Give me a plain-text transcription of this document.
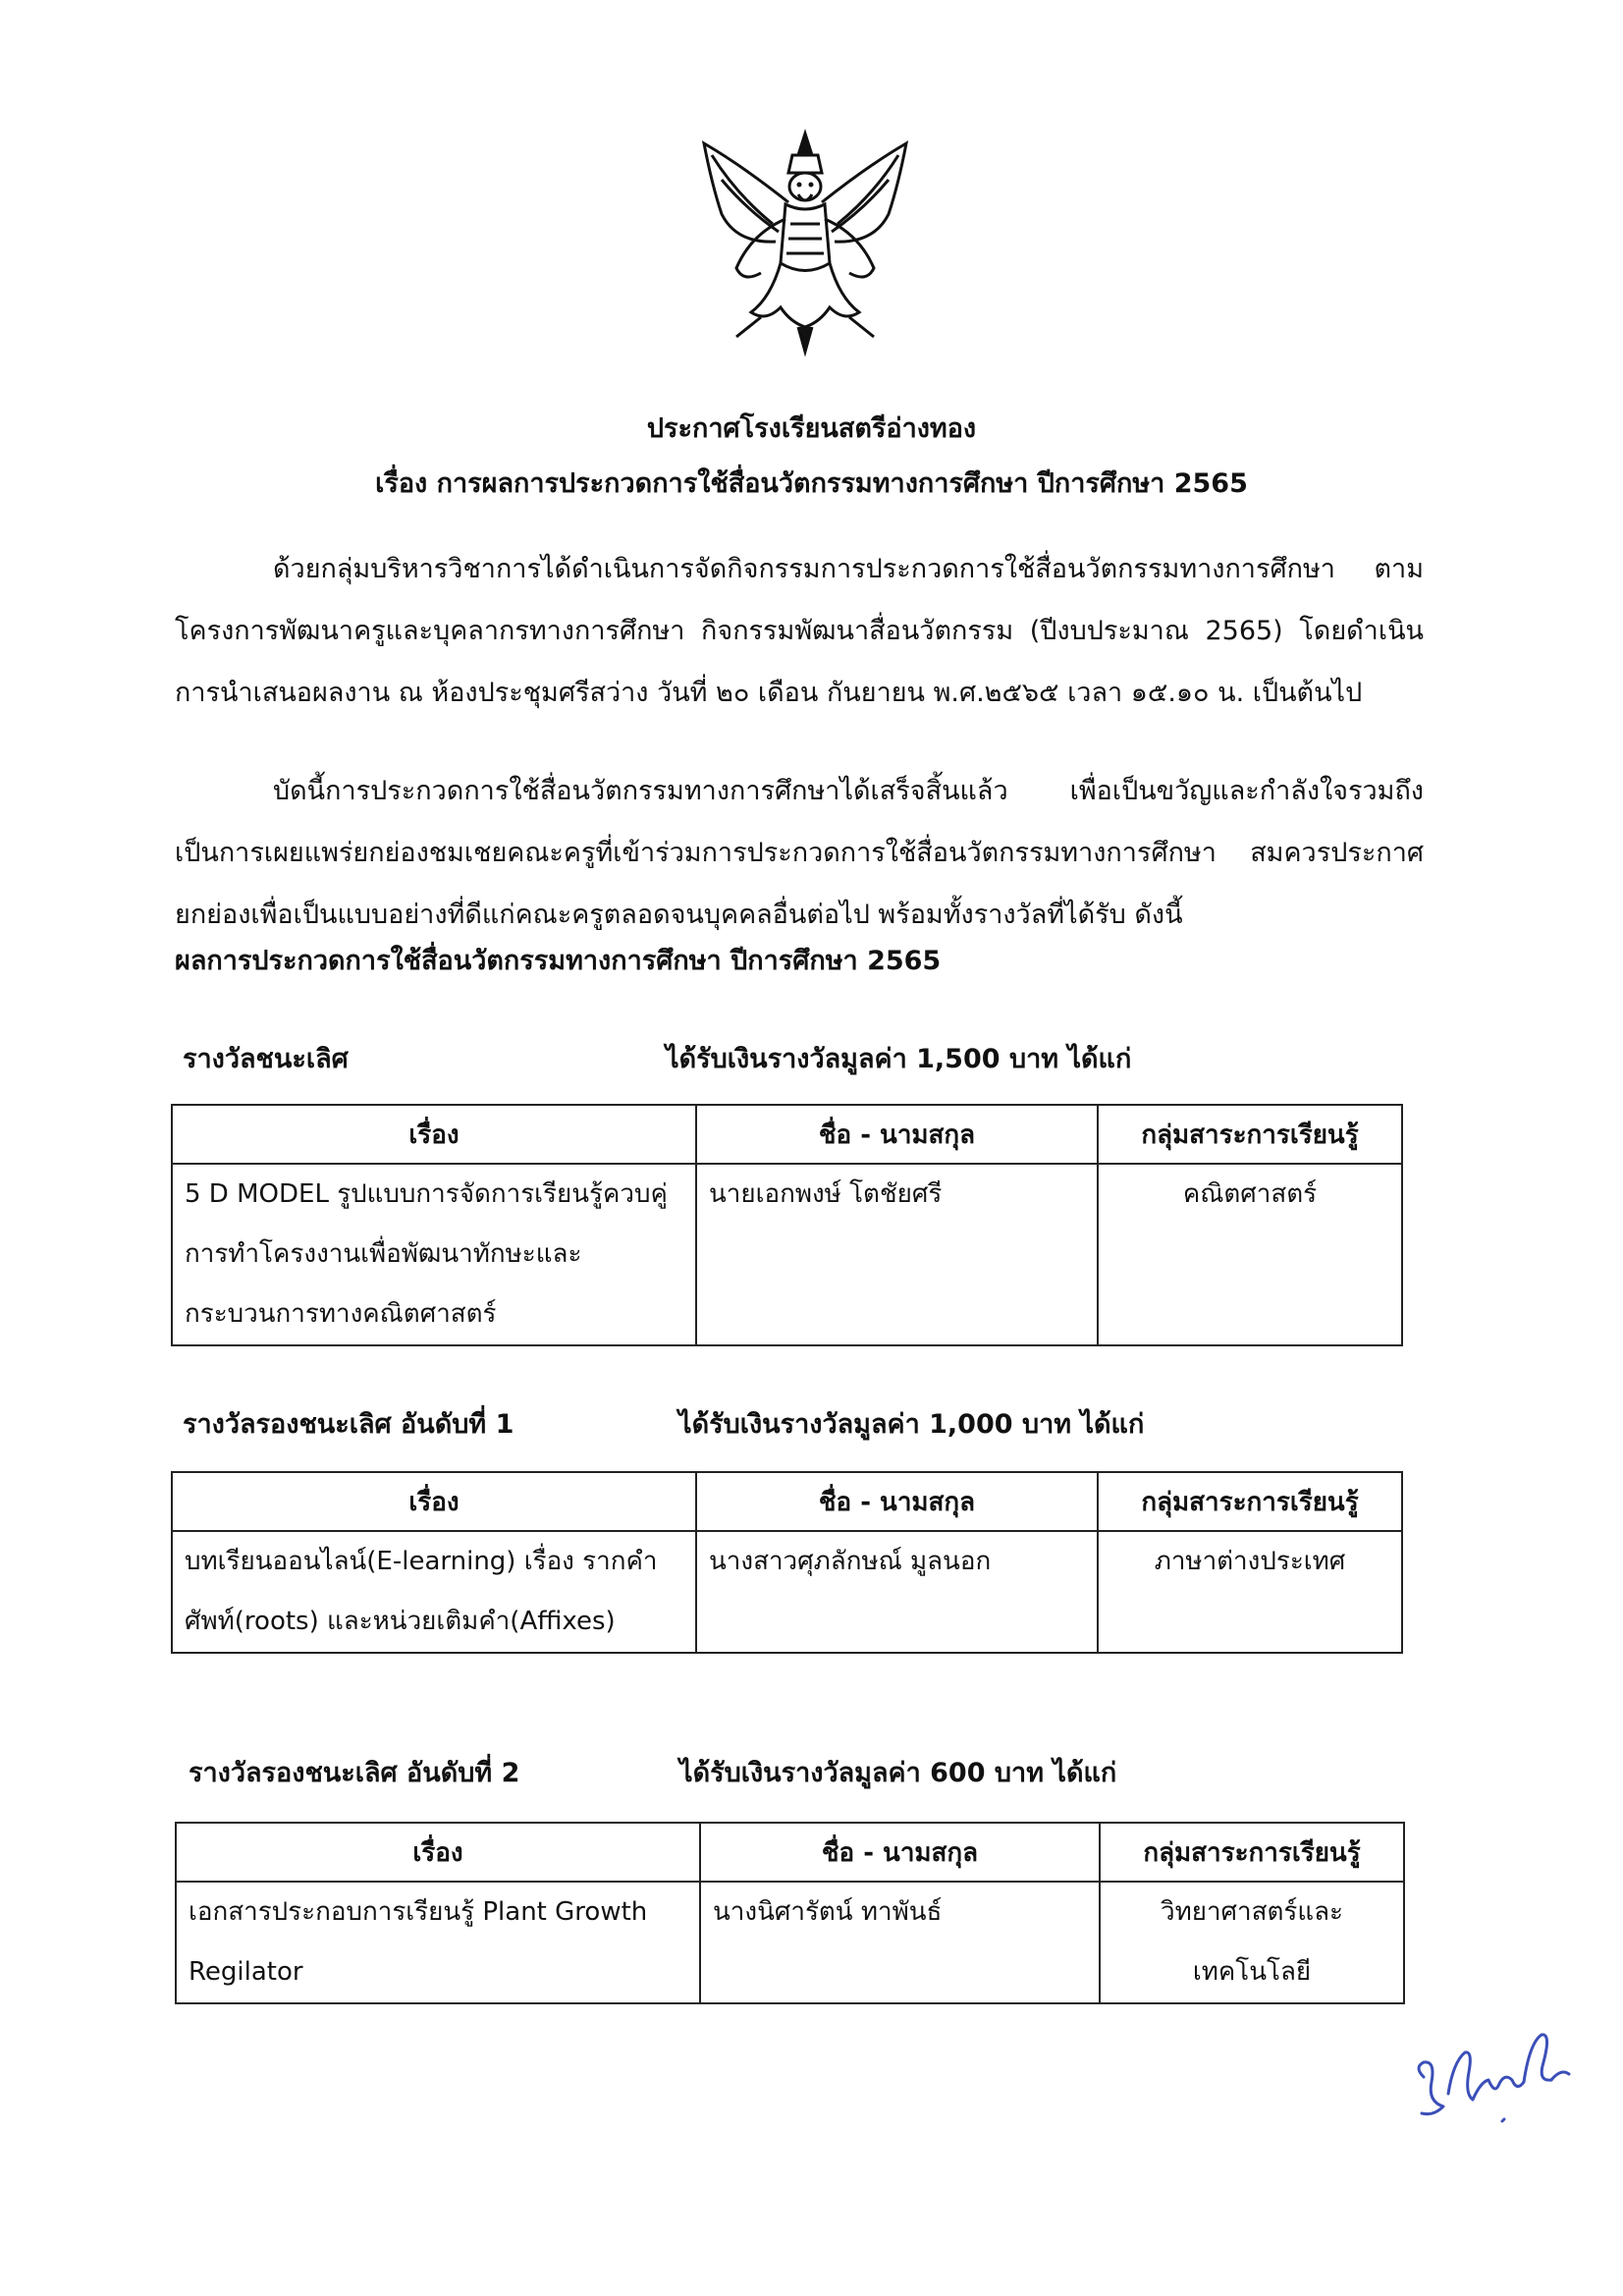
ประกาศโรงเรียนสตรีอ่างทอง
เรื่อง การผลการประกวดการใช้สื่อนวัตกรรมทางการศึกษา ปีการศึกษา 2565
ด้วยกลุ่มบริหารวิชาการได้ดำเนินการจัดกิจกรรมการประกวดการใช้สื่อนวัตกรรมทางการศึกษา ตามโครงการพัฒนาครูและบุคลากรทางการศึกษา กิจกรรมพัฒนาสื่อนวัตกรรม (ปีงบประมาณ 2565) โดยดำเนินการนำเสนอผลงาน ณ ห้องประชุมศรีสว่าง วันที่ ๒๐ เดือน กันยายน พ.ศ.๒๕๖๕ เวลา ๑๕.๑๐ น. เป็นต้นไป
บัดนี้การประกวดการใช้สื่อนวัตกรรมทางการศึกษาได้เสร็จสิ้นแล้ว เพื่อเป็นขวัญและกำลังใจรวมถึง เป็นการเผยแพร่ยกย่องชมเชยคณะครูที่เข้าร่วมการประกวดการใช้สื่อนวัตกรรมทางการศึกษา สมควรประกาศยกย่องเพื่อเป็นแบบอย่างที่ดีแก่คณะครูตลอดจนบุคคลอื่นต่อไป พร้อมทั้งรางวัลที่ได้รับ ดังนี้
ผลการประกวดการใช้สื่อนวัตกรรมทางการศึกษา ปีการศึกษา 2565
รางวัลชนะเลิศ	ได้รับเงินรางวัลมูลค่า 1,500 บาท ได้แก่
เรื่อง	ชื่อ - นามสกุล	กลุ่มสาระการเรียนรู้
5 D MODEL รูปแบบการจัดการเรียนรู้ควบคู่การทำโครงงานเพื่อพัฒนาทักษะและกระบวนการทางคณิตศาสตร์	นายเอกพงษ์ โตชัยศรี	คณิตศาสตร์
รางวัลรองชนะเลิศ อันดับที่ 1	ได้รับเงินรางวัลมูลค่า 1,000 บาท ได้แก่
เรื่อง	ชื่อ - นามสกุล	กลุ่มสาระการเรียนรู้
บทเรียนออนไลน์(E-learning) เรื่อง รากคำศัพท์(roots) และหน่วยเติมคำ(Affixes)	นางสาวศุภลักษณ์ มูลนอก	ภาษาต่างประเทศ
รางวัลรองชนะเลิศ อันดับที่ 2	ได้รับเงินรางวัลมูลค่า 600 บาท ได้แก่
เรื่อง	ชื่อ - นามสกุล	กลุ่มสาระการเรียนรู้
เอกสารประกอบการเรียนรู้ Plant Growth Regilator	นางนิศารัตน์ ทาพันธ์	วิทยาศาสตร์และเทคโนโลยี
